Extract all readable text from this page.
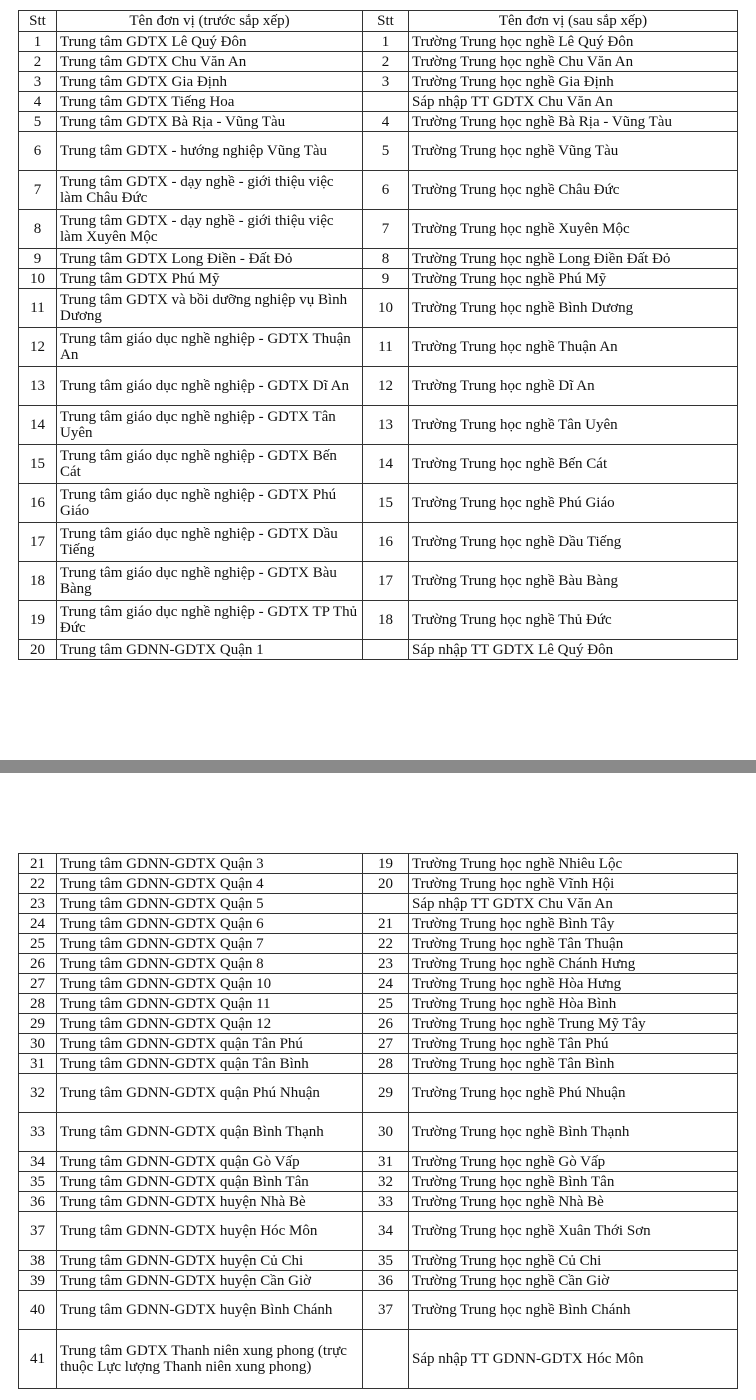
Stt	Tên đơn vị (trước sắp xếp)	Stt	Tên đơn vị (sau sắp xếp)
1	Trung tâm GDTX Lê Quý Đôn	1	Trường Trung học nghề Lê Quý Đôn
2	Trung tâm GDTX Chu Văn An	2	Trường Trung học nghề Chu Văn An
3	Trung tâm GDTX Gia Định	3	Trường Trung học nghề Gia Định
4	Trung tâm GDTX Tiếng Hoa		Sáp nhập TT GDTX Chu Văn An
5	Trung tâm GDTX Bà Rịa - Vũng Tàu	4	Trường Trung học nghề Bà Rịa - Vũng Tàu
6	Trung tâm GDTX - hướng nghiệp Vũng Tàu	5	Trường Trung học nghề Vũng Tàu
7	Trung tâm GDTX - dạy nghề - giới thiệu việc làm Châu Đức	6	Trường Trung học nghề Châu Đức
8	Trung tâm GDTX - dạy nghề - giới thiệu việc làm Xuyên Mộc	7	Trường Trung học nghề Xuyên Mộc
9	Trung tâm GDTX Long Điền - Đất Đỏ	8	Trường Trung học nghề Long Điền Đất Đỏ
10	Trung tâm GDTX Phú Mỹ	9	Trường Trung học nghề Phú Mỹ
11	Trung tâm GDTX và bồi dưỡng nghiệp vụ Bình Dương	10	Trường Trung học nghề Bình Dương
12	Trung tâm giáo dục nghề nghiệp - GDTX Thuận An	11	Trường Trung học nghề Thuận An
13	Trung tâm giáo dục nghề nghiệp - GDTX Dĩ An	12	Trường Trung học nghề Dĩ An
14	Trung tâm giáo dục nghề nghiệp - GDTX Tân Uyên	13	Trường Trung học nghề Tân Uyên
15	Trung tâm giáo dục nghề nghiệp - GDTX Bến Cát	14	Trường Trung học nghề Bến Cát
16	Trung tâm giáo dục nghề nghiệp - GDTX Phú Giáo	15	Trường Trung học nghề Phú Giáo
17	Trung tâm giáo dục nghề nghiệp - GDTX Dầu Tiếng	16	Trường Trung học nghề Dầu Tiếng
18	Trung tâm giáo dục nghề nghiệp - GDTX Bàu Bàng	17	Trường Trung học nghề Bàu Bàng
19	Trung tâm giáo dục nghề nghiệp - GDTX TP Thủ Đức	18	Trường Trung học nghề Thủ Đức
20	Trung tâm GDNN-GDTX Quận 1		Sáp nhập TT GDTX Lê Quý Đôn
21	Trung tâm GDNN-GDTX Quận 3	19	Trường Trung học nghề Nhiêu Lộc
22	Trung tâm GDNN-GDTX Quận 4	20	Trường Trung học nghề Vĩnh Hội
23	Trung tâm GDNN-GDTX Quận 5		Sáp nhập TT GDTX Chu Văn An
24	Trung tâm GDNN-GDTX Quận 6	21	Trường Trung học nghề Bình Tây
25	Trung tâm GDNN-GDTX Quận 7	22	Trường Trung học nghề Tân Thuận
26	Trung tâm GDNN-GDTX Quận 8	23	Trường Trung học nghề Chánh Hưng
27	Trung tâm GDNN-GDTX Quận 10	24	Trường Trung học nghề Hòa Hưng
28	Trung tâm GDNN-GDTX Quận 11	25	Trường Trung học nghề Hòa Bình
29	Trung tâm GDNN-GDTX Quận 12	26	Trường Trung học nghề Trung Mỹ Tây
30	Trung tâm GDNN-GDTX quận Tân Phú	27	Trường Trung học nghề Tân Phú
31	Trung tâm GDNN-GDTX quận Tân Bình	28	Trường Trung học nghề Tân Bình
32	Trung tâm GDNN-GDTX quận Phú Nhuận	29	Trường Trung học nghề Phú Nhuận
33	Trung tâm GDNN-GDTX quận Bình Thạnh	30	Trường Trung học nghề Bình Thạnh
34	Trung tâm GDNN-GDTX quận Gò Vấp	31	Trường Trung học nghề Gò Vấp
35	Trung tâm GDNN-GDTX quận Bình Tân	32	Trường Trung học nghề Bình Tân
36	Trung tâm GDNN-GDTX huyện Nhà Bè	33	Trường Trung học nghề Nhà Bè
37	Trung tâm GDNN-GDTX huyện Hóc Môn	34	Trường Trung học nghề Xuân Thới Sơn
38	Trung tâm GDNN-GDTX huyện Củ Chi	35	Trường Trung học nghề Củ Chi
39	Trung tâm GDNN-GDTX huyện Cần Giờ	36	Trường Trung học nghề Cần Giờ
40	Trung tâm GDNN-GDTX huyện Bình Chánh	37	Trường Trung học nghề Bình Chánh
41	Trung tâm GDTX Thanh niên xung phong (trực thuộc Lực lượng Thanh niên xung phong)		Sáp nhập TT GDNN-GDTX Hóc Môn
